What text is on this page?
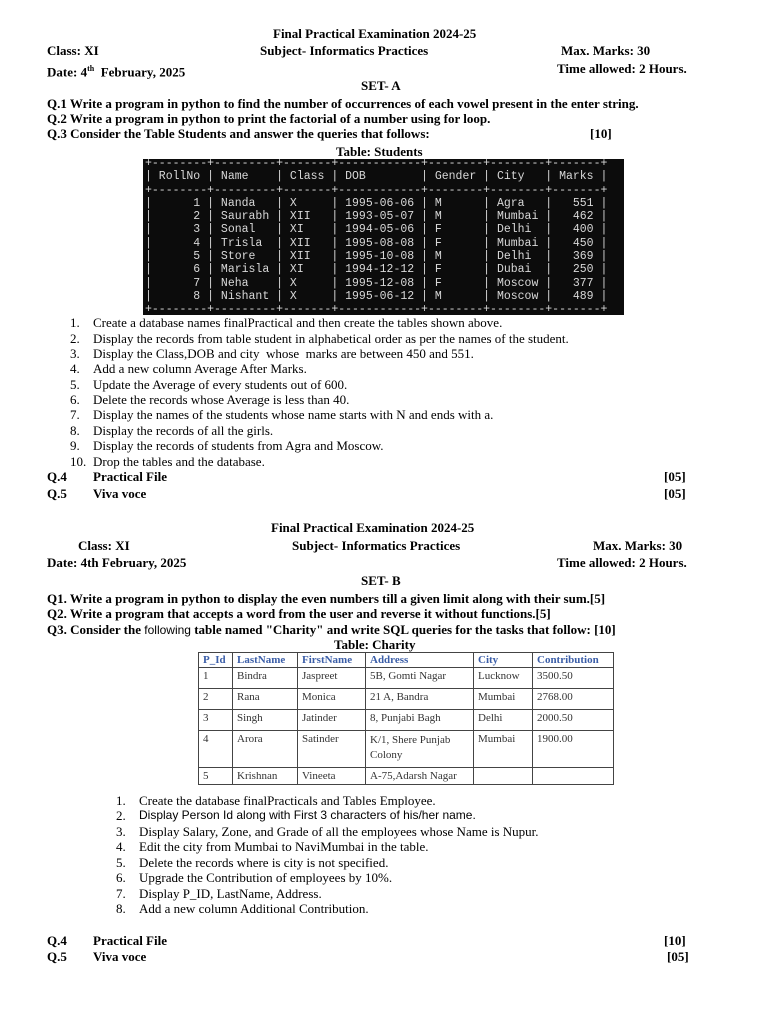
Final Practical Examination 2024-25
Class: XI	Subject- Informatics Practices	Max. Marks: 30
Date: 4th  February, 2025	Time allowed: 2 Hours.
SET- A
Q.1 Write a program in python to find the number of occurrences of each vowel present in the enter string.
Q.2 Write a program in python to print the factorial of a number using for loop.
Q.3 Consider the Table Students and answer the queries that follows:	[10]
Table: Students
+--------+---------+-------+------------+--------+--------+-------+
| RollNo | Name    | Class | DOB        | Gender | City   | Marks |
+--------+---------+-------+------------+--------+--------+-------+
|      1 | Nanda   | X     | 1995-06-06 | M      | Agra   |   551 |
|      2 | Saurabh | XII   | 1993-05-07 | M      | Mumbai |   462 |
|      3 | Sonal   | XI    | 1994-05-06 | F      | Delhi  |   400 |
|      4 | Trisla  | XII   | 1995-08-08 | F      | Mumbai |   450 |
|      5 | Store   | XII   | 1995-10-08 | M      | Delhi  |   369 |
|      6 | Marisla | XI    | 1994-12-12 | F      | Dubai  |   250 |
|      7 | Neha    | X     | 1995-12-08 | F      | Moscow |   377 |
|      8 | Nishant | X     | 1995-06-12 | M      | Moscow |   489 |
+--------+---------+-------+------------+--------+--------+-------+
1. Create a database names finalPractical and then create the tables shown above.
2. Display the records from table student in alphabetical order as per the names of the student.
3. Display the Class,DOB and city  whose  marks are between 450 and 551.
4. Add a new column Average After Marks.
5. Update the Average of every students out of 600.
6. Delete the records whose Average is less than 40.
7. Display the names of the students whose name starts with N and ends with a.
8. Display the records of all the girls.
9. Display the records of students from Agra and Moscow.
10. Drop the tables and the database.
Q.4 Practical File	[05]
Q.5 Viva voce	[05]
Final Practical Examination 2024-25
Class: XI	Subject- Informatics Practices	Max. Marks: 30
Date: 4th February, 2025	Time allowed: 2 Hours.
SET- B
Q1. Write a program in python to display the even numbers till a given limit along with their sum.[5]
Q2. Write a program that accepts a word from the user and reverse it without functions.[5]
Q3. Consider the following table named "Charity" and write SQL queries for the tasks that follow: [10]
Table: Charity
P_Id	LastName	FirstName	Address	City	Contribution
1	Bindra	Jaspreet	5B, Gomti Nagar	Lucknow	3500.50
2	Rana	Monica	21 A, Bandra	Mumbai	2768.00
3	Singh	Jatinder	8, Punjabi Bagh	Delhi	2000.50
4	Arora	Satinder	K/1, Shere Punjab Colony	Mumbai	1900.00
5	Krishnan	Vineeta	A-75,Adarsh Nagar		
1. Create the database finalPracticals and Tables Employee.
2. Display Person Id along with First 3 characters of his/her name.
3. Display Salary, Zone, and Grade of all the employees whose Name is Nupur.
4. Edit the city from Mumbai to NaviMumbai in the table.
5. Delete the records where is city is not specified.
6. Upgrade the Contribution of employees by 10%.
7. Display P_ID, LastName, Address.
8. Add a new column Additional Contribution.
Q.4 Practical File	[10]
Q.5 Viva voce	[05]
